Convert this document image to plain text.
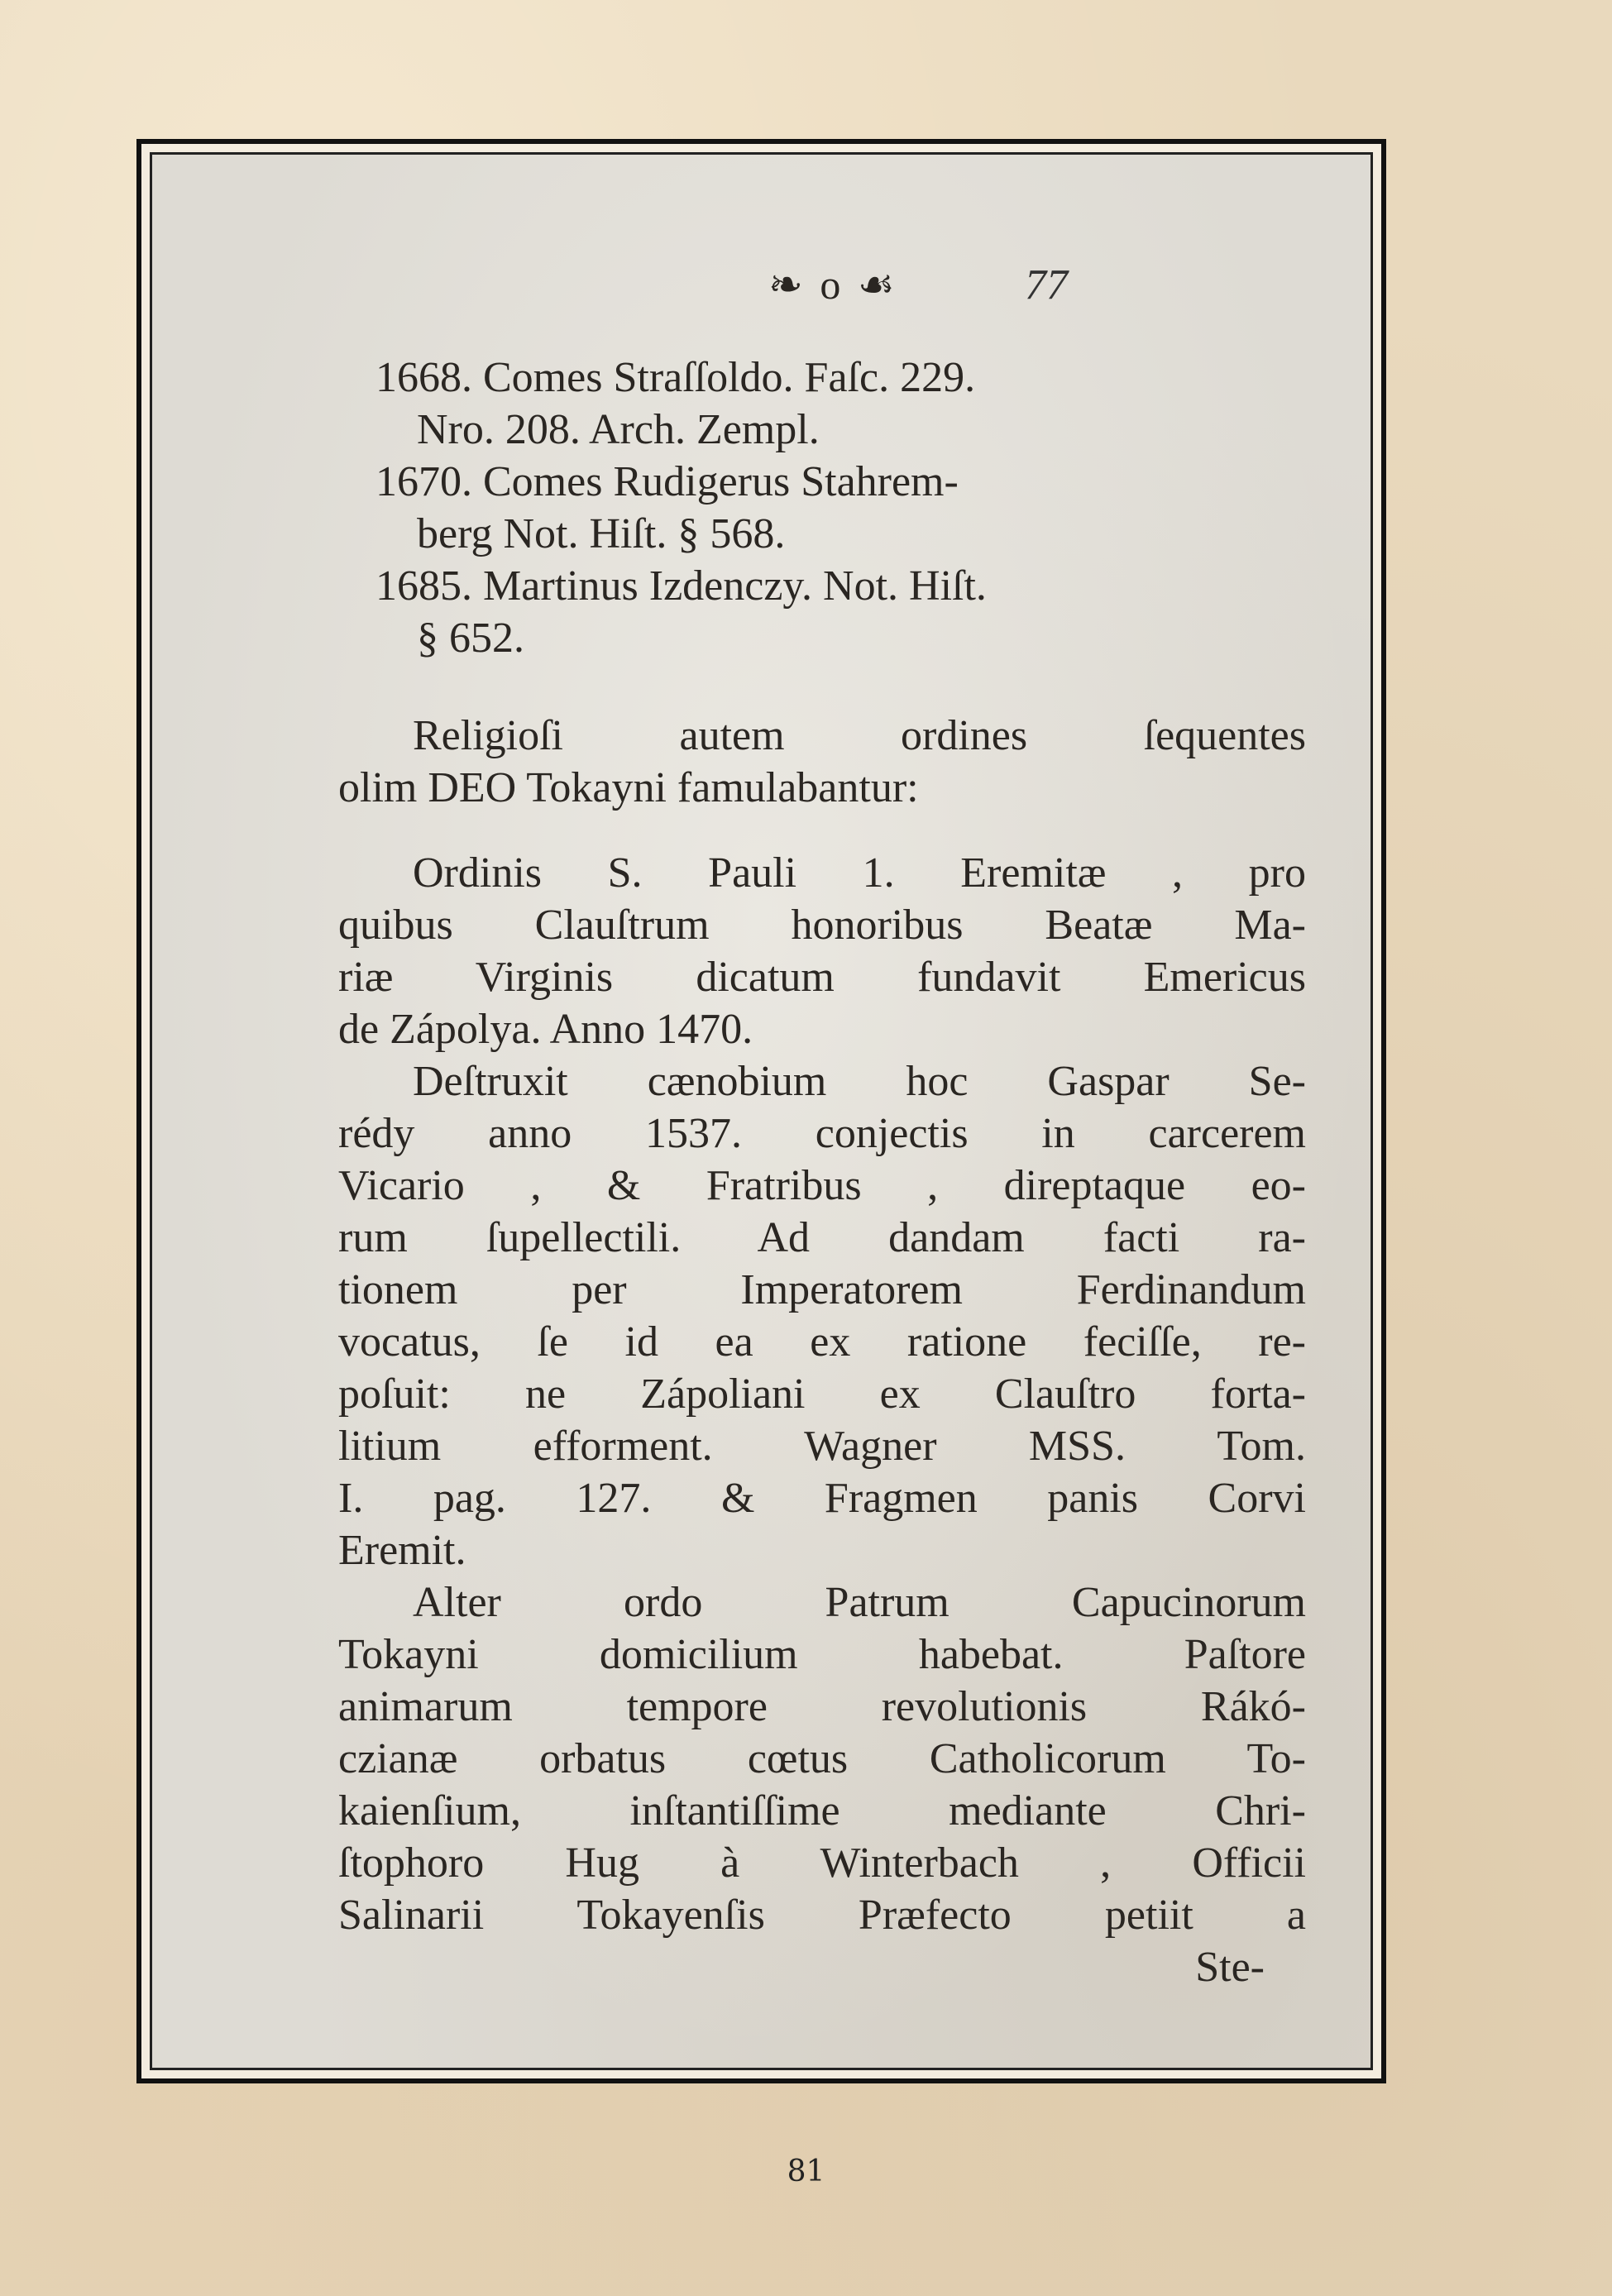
❧ o ☙	77
1668. Comes Straſſoldo. Faſc. 229.
Nro. 208. Arch. Zempl.
1670. Comes Rudigerus Stahrem-
berg Not. Hiſt. § 568.
1685. Martinus Izdenczy. Not. Hiſt.
§ 652.

Religioſi autem ordines ſequentes
olim DEO Tokayni famulabantur:

Ordinis S. Pauli 1. Eremitæ , pro
quibus Clauſtrum honoribus Beatæ Ma-
riæ Virginis dicatum fundavit Emericus
de Zápolya. Anno 1470.

Deſtruxit cænobium hoc Gaspar Se-
rédy anno 1537. conjectis in carcerem
Vicario , & Fratribus , direptaque eo-
rum ſupellectili. Ad dandam facti ra-
tionem per Imperatorem Ferdinandum
vocatus, ſe id ea ex ratione feciſſe, re-
poſuit: ne Zápoliani ex Clauſtro forta-
litium efforment. Wagner MSS. Tom.
I. pag. 127. & Fragmen panis Corvi
Eremit.

Alter ordo Patrum Capucinorum
Tokayni domicilium habebat. Paſtore
animarum tempore revolutionis Rákó-
czianæ orbatus cœtus Catholicorum To-
kaienſium, inſtantiſſime mediante Chri-
ſtophoro Hug à Winterbach , Officii
Salinarii Tokayenſis Præfecto petiit a

Ste-
81
